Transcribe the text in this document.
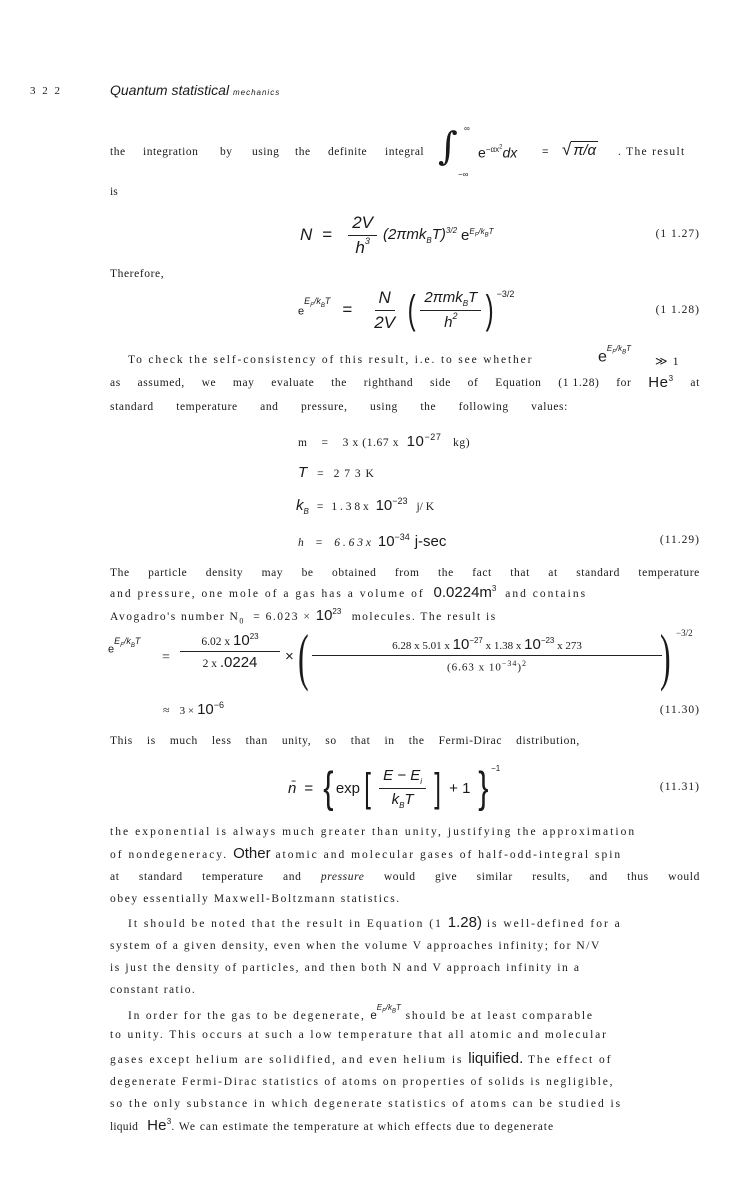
3 2 2	Quantum statistical mechanics
the integration by using the definite integral	. The result
∞
∫
−∞
$e^{-\alpha x^2}dx$ = √ π/α
is
$N = \frac{2V}{h^3} (2\pi mk_BT)^{3/2}$ $e^{E_F/k_BT}$	(1 1.27)
Therefore,
$e^{E_F/k_BT} = \frac{N}{2V}$ ( $\frac{2\pi mk_BT}{h^2}$ ) $^{-3/2}$
(1 1.28)
To check the self-consistency of this result, i.e. to see whether	$e^{E_F/k_BT}$
≫ 1
as assumed, we may evaluate the righthand side of Equation (1 1.28) for He$^3$ at
standard temperature and pressure, using the following values:
m = 3 x (1.67 x $10^{-27}$ kg)
T = 2 7 3 K
$k_B = 1$ . 3 8 x $10^{-23}$ j/ K
h = 6 . 6 3 x $10^{-34}$ j-sec	(11.29)
The particle density may be obtained from the fact that at standard temperature
and pressure, one mole of a gas has a volume of $0.0224m^3$ and contains
Avogadro's number $N_0 = 6.023 \times 10^{23}$ molecules. The result is
$e^{E_F/k_BT}$
= $\frac{6.02 x 10^{23}}{2 x .0224}$ × ( $\frac{6.28 x 5.01 x 10^{-27} x 1.38 x 10^{-23} x 273}{(6.63 x 10^{-34})^2}$
) −3/2
≈ $3 \times 10^{-6}$	(11.30)
This is much less than unity, so that in the Fermi-Dirac distribution,
n̄ = { exp [ $\frac{E - E_i}{k_BT}$ ] + 1 } $^{-1}$
(11.31)
the exponential is always much greater than unity, justifying the approximation
of nondegeneracy. Other atomic and molecular gases of half-odd-integral spin
at standard temperature and pressure would give similar results, and thus would
obey essentially Maxwell-Boltzmann statistics.
It should be noted that the result in Equation (1 1.28) is well-defined for a
system of a given density, even when the volume V approaches infinity; for N/V
is just the density of particles, and then both N and V approach infinity in a
constant ratio.
In order for the gas to be degenerate, $e^{E_F/k_BT}$ should be at least comparable
to unity. This occurs at such a low temperature that all atomic and molecular
gases except helium are solidified, and even helium is liquified. The effect of
degenerate Fermi-Dirac statistics of atoms on properties of solids is negligible,
so the only substance in which degenerate statistics of atoms can be studied is
liquid He$^3$. We can estimate the temperature at which effects due to degenerate
